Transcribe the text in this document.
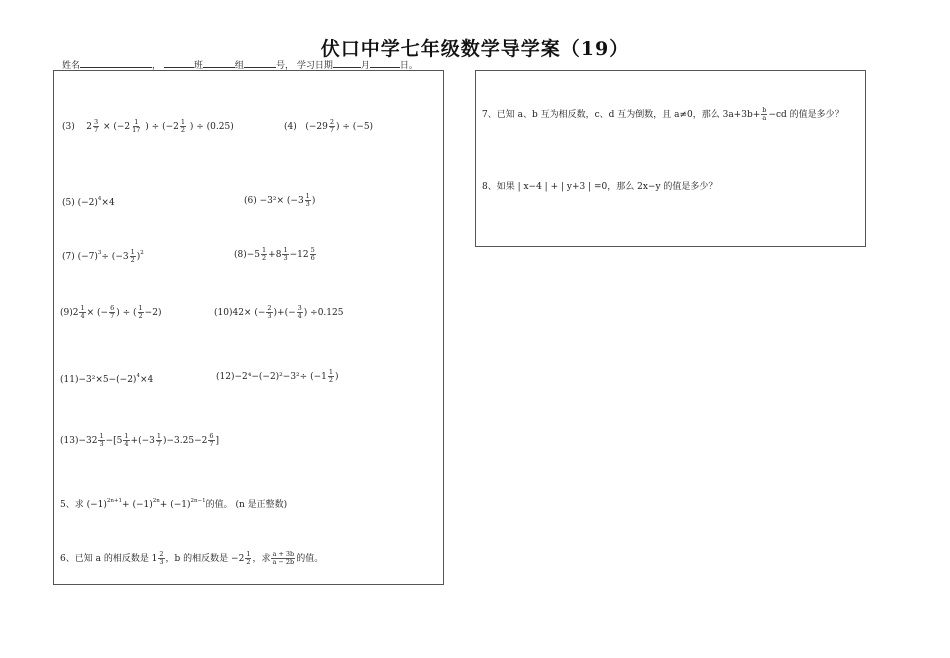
伏口中学七年级数学导学案（19）
姓名	，	班	组	号， 学习日期	月	日。
(3) $2 \frac{3}{7} \times (-2 \frac{1}{17}$ ) ÷ ($-2 \frac{1}{2}$ ) ÷ (0.25)	(4) ($-29 \frac{2}{7}$ ) ÷ (−5)
(5) $(-2)^4\times 4$	$(6) -3^2\times (-3 \frac{1}{3}$ )
(7) $(-7)^3\div (-3 \frac{1}{2} )^2$	$(8)-5 \frac{1}{2} +8 \frac{1}{3} -12 \frac{5}{6}$
$(9)2 \frac{1}{4}$ × (− $\frac{6}{7}$ ) ÷ ( $\frac{1}{2} -2$)	(10)42× (− $\frac{2}{3}$ )+(− $\frac{3}{4}$ ) ÷0.125
$(11)-3^2\times 5-(-2)^4\times 4$	$(12)-2^4-(-2)^2-3^2\div (-1 \frac{1}{2}$ )
$(13)-32 \frac{1}{3} -[5 \frac{1}{4} +(-3 \frac{1}{7} )-3.25-2 \frac{6}{7}$ ]
5、求 $(-1)^{2n+1}+ (-1)^{2n}+ (-1)^{2n-1}$的值。 (n 是正整数)
6、已知 a 的相反数是 $1 \frac{2}{3}$ ，b 的相反数是 $-2 \frac{1}{2}$ ，求 $\frac{a + 3b}{a - 2b}$ 的值。
7、已知 a、b 互为相反数，c、d 互为倒数，且 a≠0，那么 $3a+3b+ \frac{b}{a} -cd$ 的值是多少？
8、如果 | x−4 | + | y+3 | =0，那么 2x−y 的值是多少？
